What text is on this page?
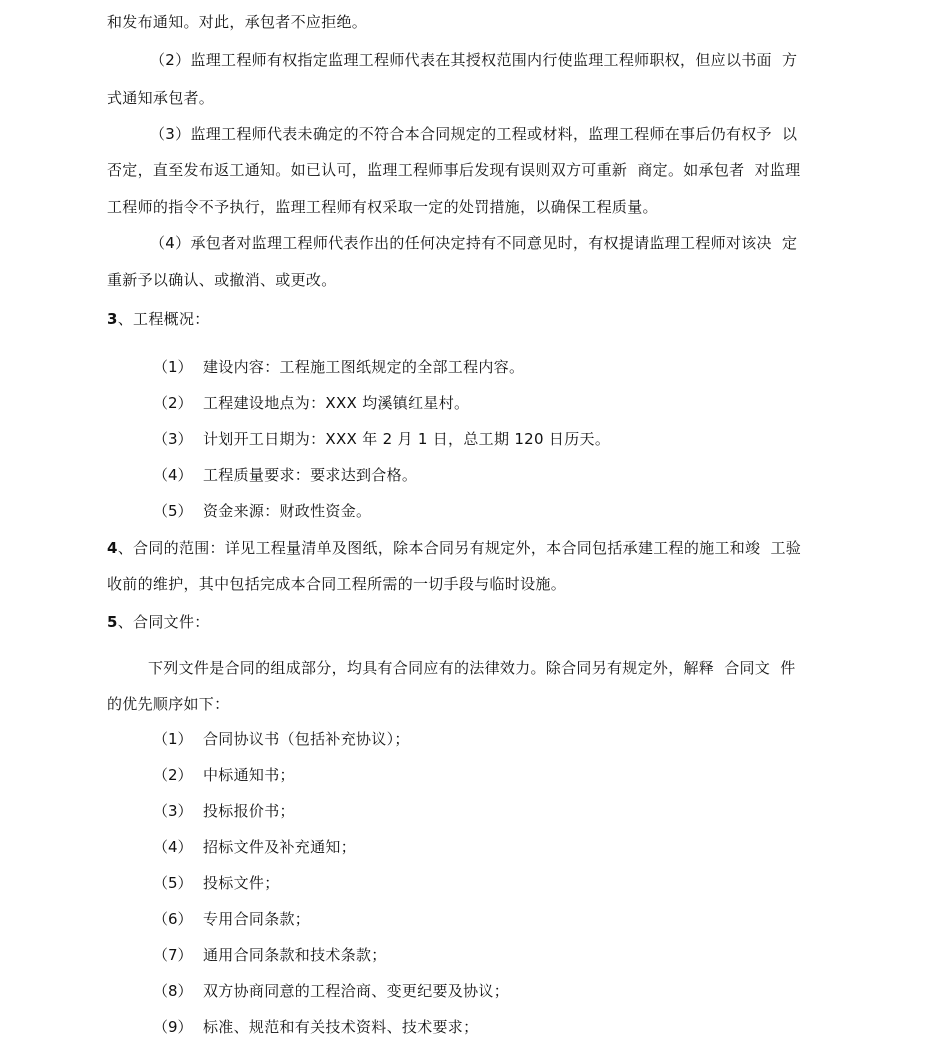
和发布通知。对此，承包者不应拒绝。
（2）监理工程师有权指定监理工程师代表在其授权范围内行使监理工程师职权，但应以书面  方
式通知承包者。
（3）监理工程师代表未确定的不符合本合同规定的工程或材料，监理工程师在事后仍有权予  以
否定，直至发布返工通知。如已认可，监理工程师事后发现有误则双方可重新  商定。如承包者  对监理
工程师的指令不予执行，监理工程师有权采取一定的处罚措施，以确保工程质量。
（4）承包者对监理工程师代表作出的任何决定持有不同意见时，有权提请监理工程师对该决  定
重新予以确认、或撤消、或更改。
3、工程概况：
（1） 建设内容：工程施工图纸规定的全部工程内容。
（2） 工程建设地点为：XXX 均溪镇红星村。
（3） 计划开工日期为：XXX 年 2 月 1 日，总工期 120 日历天。
（4） 工程质量要求：要求达到合格。
（5） 资金来源：财政性资金。
4、合同的范围：详见工程量清单及图纸，除本合同另有规定外，本合同包括承建工程的施工和竣  工验
收前的维护，其中包括完成本合同工程所需的一切手段与临时设施。
5、合同文件：
下列文件是合同的组成部分，均具有合同应有的法律效力。除合同另有规定外，解释  合同文  件
的优先顺序如下：
（1） 合同协议书（包括补充协议）；
（2） 中标通知书；
（3） 投标报价书；
（4） 招标文件及补充通知；
（5） 投标文件；
（6） 专用合同条款；
（7） 通用合同条款和技术条款；
（8） 双方协商同意的工程洽商、变更纪要及协议；
（9） 标准、规范和有关技术资料、技术要求；
